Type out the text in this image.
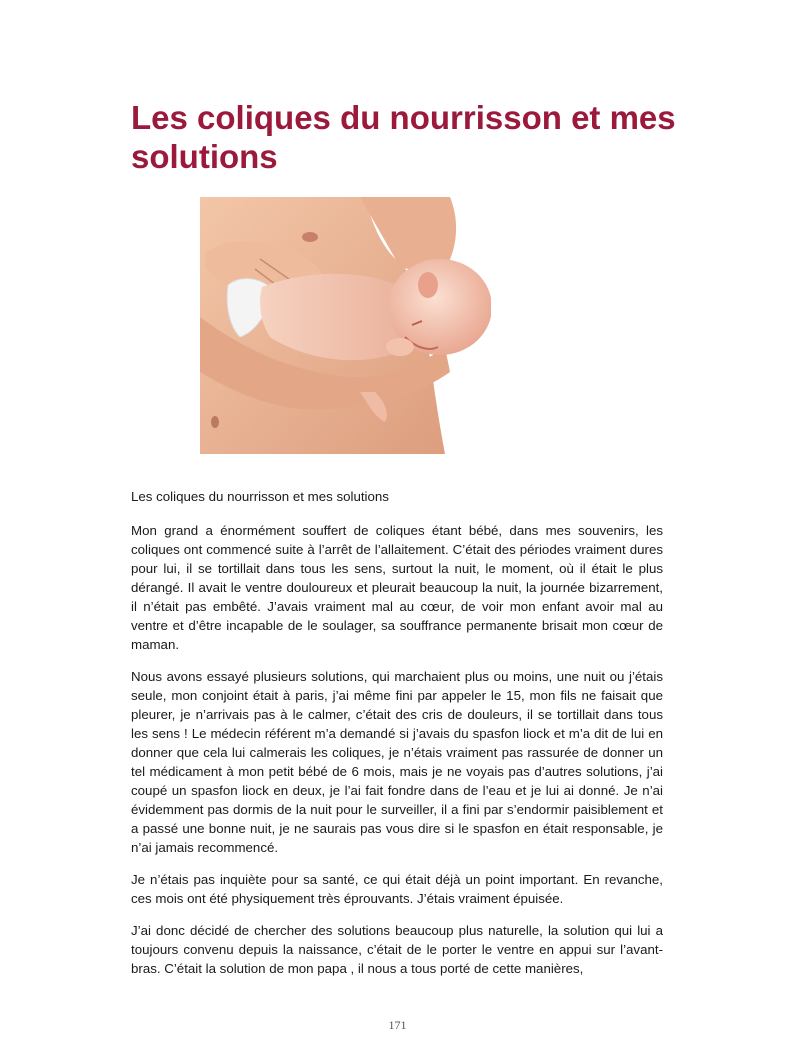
Les coliques du nourrisson et mes solutions

Les coliques du nourrisson et mes solutions

Mon grand a énormément souffert de coliques étant bébé, dans mes souvenirs, les coliques ont commencé suite à l’arrêt de l’allaitement. C’était des périodes vraiment dures pour lui, il se tortillait dans tous les sens, surtout la nuit, le moment, où il était le plus dérangé. Il avait le ventre douloureux et pleurait beaucoup la nuit, la journée bizarrement, il n’était pas embêté. J’avais vraiment mal au cœur, de voir mon enfant avoir mal au ventre et d’être incapable de le soulager, sa souffrance permanente brisait mon cœur de maman.

Nous avons essayé plusieurs solutions, qui marchaient plus ou moins, une nuit ou j’étais seule, mon conjoint était à paris, j’ai même fini par appeler le 15, mon fils ne faisait que pleurer, je n’arrivais pas à le calmer, c’était des cris de douleurs, il se tortillait dans tous les sens ! Le médecin référent m’a demandé si j’avais du spasfon liock et m’a dit de lui en donner que cela lui calmerais les coliques, je n’étais vraiment pas rassurée de donner un tel médicament à mon petit bébé de 6 mois, mais je ne voyais pas d’autres solutions, j’ai coupé un spasfon liock en deux, je l’ai fait fondre dans de l’eau et je lui ai donné. Je n’ai évidemment pas dormis de la nuit pour le surveiller, il a fini par s’endormir paisiblement et a passé une bonne nuit, je ne saurais pas vous dire si le spasfon en était responsable, je n’ai jamais recommencé.

Je n’étais pas inquiète pour sa santé, ce qui était déjà un point important. En revanche, ces mois ont été physiquement très éprouvants. J’étais vraiment épuisée.

J’ai donc décidé de chercher des solutions beaucoup plus naturelle, la solution qui lui a toujours convenu depuis la naissance, c’était de le porter le ventre en appui sur l’avant-bras. C’était la solution de mon papa , il nous a tous porté de cette manières,

171
